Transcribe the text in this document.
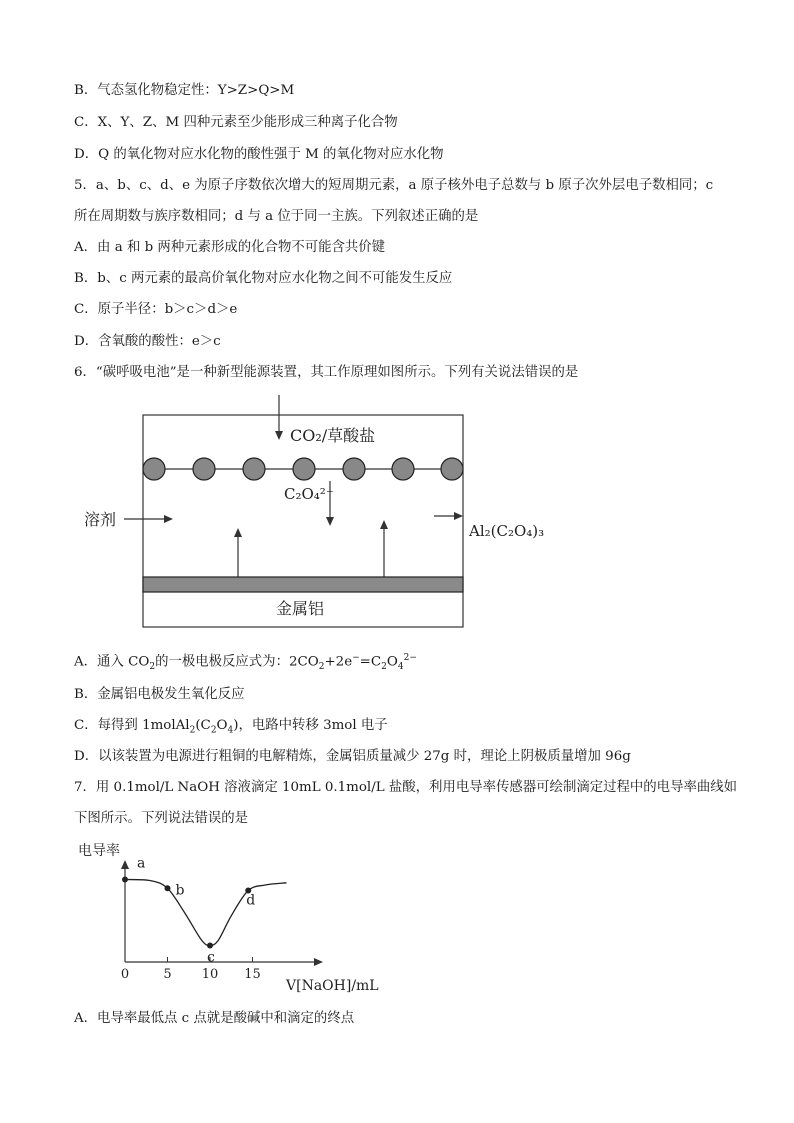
B．气态氢化物稳定性：Y>Z>Q>M
C．X、Y、Z、M 四种元素至少能形成三种离子化合物
D．Q 的氧化物对应水化物的酸性强于 M 的氧化物对应水化物
5．a、b、c、d、e 为原子序数依次增大的短周期元素，a 原子核外电子总数与 b 原子次外层电子数相同；c
所在周期数与族序数相同；d 与 a 位于同一主族。下列叙述正确的是
A．由 a 和 b 两种元素形成的化合物不可能含共价键
B．b、c 两元素的最高价氧化物对应水化物之间不可能发生反应
C．原子半径：b＞c＞d＞e
D．含氧酸的酸性：e＞c
6．“碳呼吸电池”是一种新型能源装置，其工作原理如图所示。下列有关说法错误的是
CO₂/草酸盐
C₂O₄²⁻
溶剂
Al₂(C₂O₄)₃
金属铝
A．通入 $CO_2$的一极电极反应式为：$2CO_2+2e^-=C_2O_4^{2-}$
B．金属铝电极发生氧化反应
C．每得到 $1molAl_2(C_2O_4)$，电路中转移 3mol 电子
D．以该装置为电源进行粗铜的电解精炼，金属铝质量减少 27g 时，理论上阴极质量增加 96g
7．用 0.1mol/L NaOH 溶液滴定 10mL 0.1mol/L 盐酸，利用电导率传感器可绘制滴定过程中的电导率曲线如
下图所示。下列说法错误的是
电导率
V[NaOH]/mL
0	5 10 15
a
b
c
d
A．电导率最低点 c 点就是酸碱中和滴定的终点
